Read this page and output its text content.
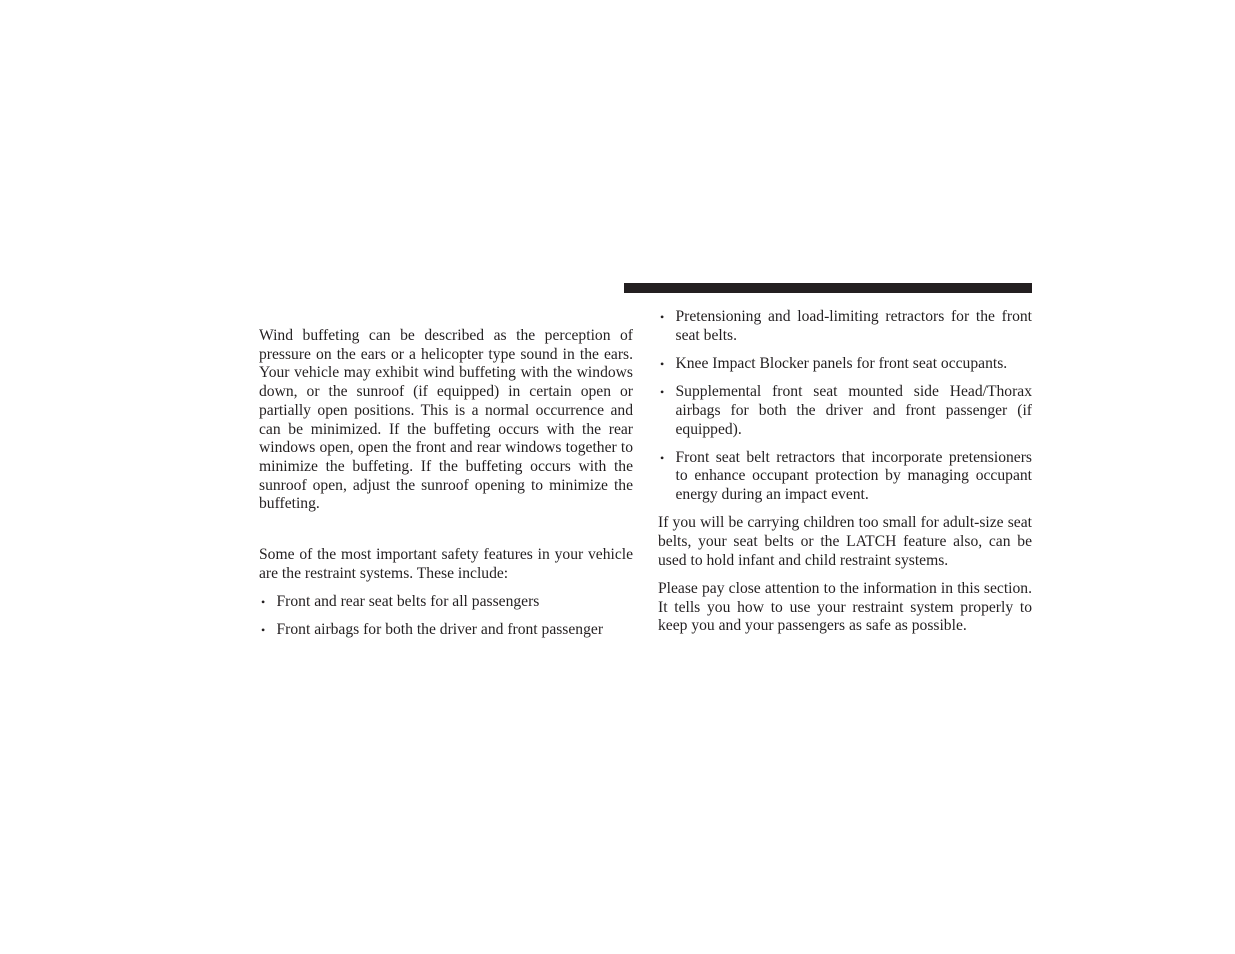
Wind buffeting can be described as the perception of pressure on the ears or a helicopter type sound in the ears. Your vehicle may exhibit wind buffeting with the windows down, or the sunroof (if equipped) in certain open or partially open positions. This is a normal occurrence and can be minimized. If the buffeting occurs with the rear windows open, open the front and rear windows together to minimize the buffeting. If the buffeting occurs with the sunroof open, adjust the sunroof opening to minimize the buffeting.

Some of the most important safety features in your vehicle are the restraint systems. These include:

• Front and rear seat belts for all passengers
• Front airbags for both the driver and front passenger
• Pretensioning and load-limiting retractors for the front seat belts.
• Knee Impact Blocker panels for front seat occupants.
• Supplemental front seat mounted side Head/Thorax airbags for both the driver and front passenger (if equipped).
• Front seat belt retractors that incorporate pretensioners to enhance occupant protection by managing occupant energy during an impact event.

If you will be carrying children too small for adult-size seat belts, your seat belts or the LATCH feature also, can be used to hold infant and child restraint systems.

Please pay close attention to the information in this section. It tells you how to use your restraint system properly to keep you and your passengers as safe as possible.
